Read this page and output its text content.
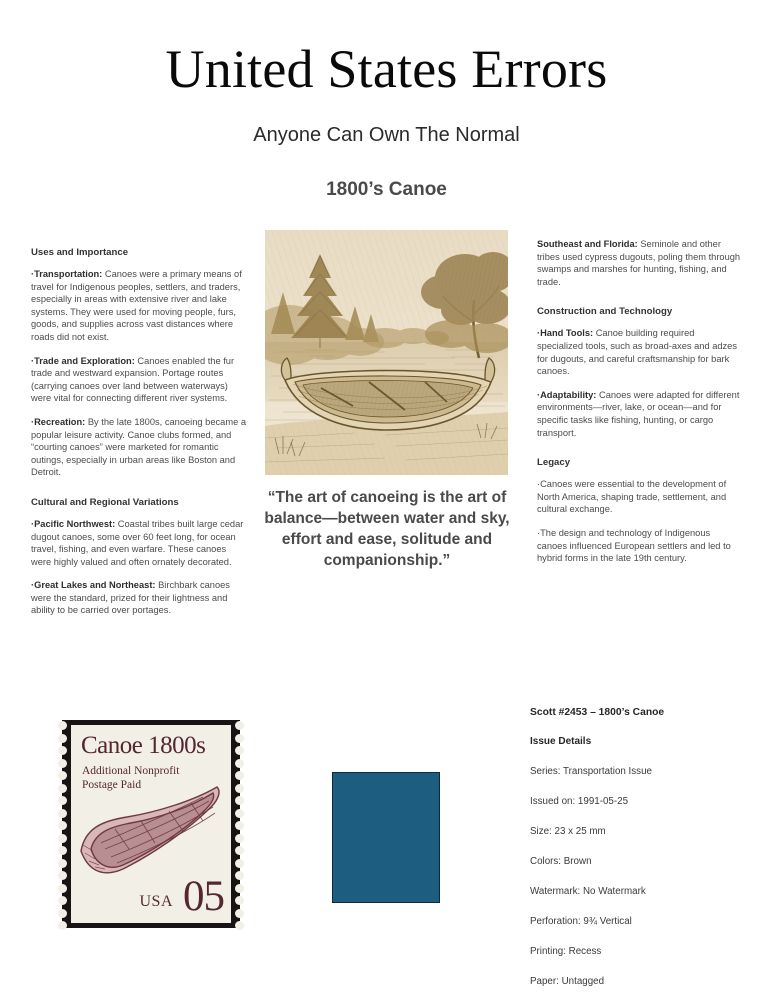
United States Errors
Anyone Can Own The Normal
1800’s Canoe
Uses and Importance

·Transportation: Canoes were a primary means of travel for Indigenous peoples, settlers, and traders, especially in areas with extensive river and lake systems. They were used for moving people, furs, goods, and supplies across vast distances where roads did not exist.

·Trade and Exploration: Canoes enabled the fur trade and westward expansion. Portage routes (carrying canoes over land between waterways) were vital for connecting different river systems.

·Recreation: By the late 1800s, canoeing became a popular leisure activity. Canoe clubs formed, and “courting canoes” were marketed for romantic outings, especially in urban areas like Boston and Detroit.

Cultural and Regional Variations

·Pacific Northwest: Coastal tribes built large cedar dugout canoes, some over 60 feet long, for ocean travel, fishing, and even warfare. These canoes were highly valued and often ornately decorated.

·Great Lakes and Northeast: Birchbark canoes were the standard, prized for their lightness and ability to be carried over portages.

Southeast and Florida: Seminole and other tribes used cypress dugouts, poling them through swamps and marshes for hunting, fishing, and trade.

Construction and Technology

·Hand Tools: Canoe building required specialized tools, such as broad-axes and adzes for dugouts, and careful craftsmanship for bark canoes.

·Adaptability: Canoes were adapted for different environments—river, lake, or ocean—and for specific tasks like fishing, hunting, or cargo transport.

Legacy

·Canoes were essential to the development of North America, shaping trade, settlement, and cultural exchange.

·The design and technology of Indigenous canoes influenced European settlers and led to hybrid forms in the late 19th century.

“The art of canoeing is the art of balance—between water and sky, effort and ease, solitude and companionship.”
Canoe 1800s
Additional Nonprofit Postage Paid
USA 05
Scott #2453 – 1800’s Canoe
Issue Details
Series: Transportation Issue
Issued on: 1991-05-25
Size: 23 x 25 mm
Colors: Brown
Watermark: No Watermark
Perforation: 9¾ Vertical
Printing: Recess
Paper: Untagged
